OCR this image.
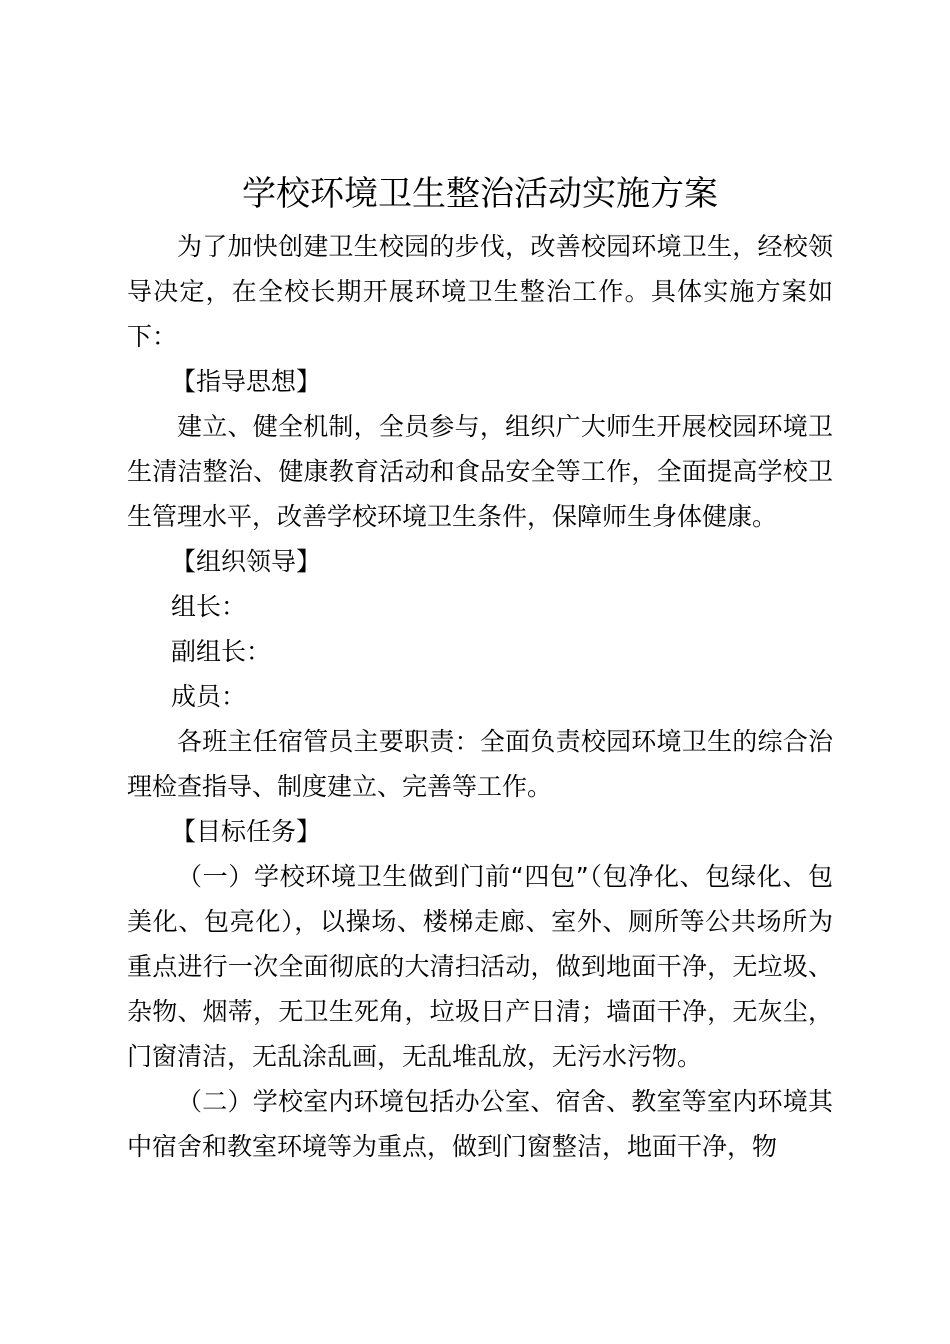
学校环境卫生整治活动实施方案

为了加快创建卫生校园的步伐，改善校园环境卫生，经校领导决定，在全校长期开展环境卫生整治工作。具体实施方案如下：

【指导思想】

建立、健全机制，全员参与，组织广大师生开展校园环境卫生清洁整治、健康教育活动和食品安全等工作，全面提高学校卫生管理水平，改善学校环境卫生条件，保障师生身体健康。

【组织领导】
组长：
副组长：
成员：

各班主任宿管员主要职责：全面负责校园环境卫生的综合治理检查指导、制度建立、完善等工作。

【目标任务】

（一）学校环境卫生做到门前“四包”（包净化、包绿化、包美化、包亮化），以操场、楼梯走廊、室外、厕所等公共场所为重点进行一次全面彻底的大清扫活动，做到地面干净，无垃圾、杂物、烟蒂，无卫生死角，垃圾日产日清；墙面干净，无灰尘，门窗清洁，无乱涂乱画，无乱堆乱放，无污水污物。

（二）学校室内环境包括办公室、宿舍、教室等室内环境其中宿舍和教室环境等为重点，做到门窗整洁，地面干净，物
